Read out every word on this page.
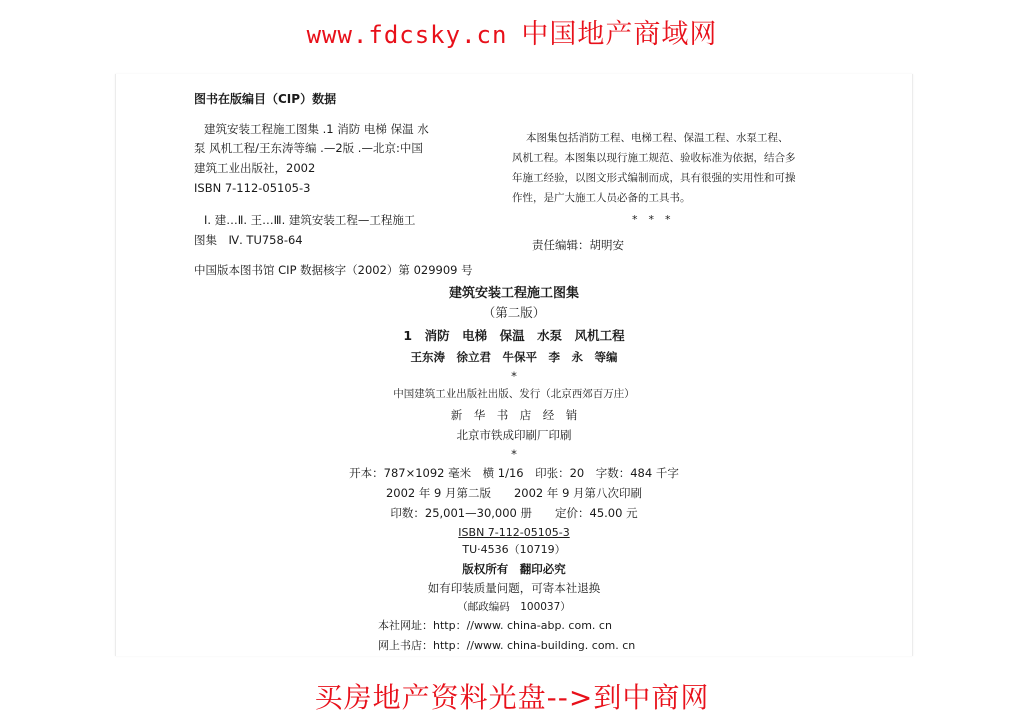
www.fdcsky.cn 中国地产商域网
图书在版编目（CIP）数据
建筑安装工程施工图集 .1 消防 电梯 保温 水
泵 风机工程/王东涛等编 .—2版 .—北京:中国
建筑工业出版社，2002
ISBN 7-112-05105-3
Ⅰ. 建…Ⅱ. 王…Ⅲ. 建筑安装工程—工程施工
图集　Ⅳ. TU758-64
中国版本图书馆 CIP 数据核字（2002）第 029909 号
本图集包括消防工程、电梯工程、保温工程、水泵工程、
风机工程。本图集以现行施工规范、验收标准为依据，结合多
年施工经验，以图文形式编制而成，具有很强的实用性和可操
作性，是广大施工人员必备的工具书。
*　*　*
责任编辑：胡明安
建筑安装工程施工图集
（第二版）
1　消防　电梯　保温　水泵　风机工程
王东涛　徐立君　牛保平　李　永　等编
*
中国建筑工业出版社出版、发行（北京西郊百万庄）
新　华　书　店　经　销
北京市铁成印刷厂印刷
*
开本：787×1092 毫米　横 1/16　印张：20　字数：484 千字
2002 年 9 月第二版　　2002 年 9 月第八次印刷
印数：25,001—30,000 册　　定价：45.00 元
ISBN 7-112-05105-3
TU·4536（10719）
版权所有　翻印必究
如有印装质量问题，可寄本社退换
（邮政编码　100037）
本社网址：http：//www. china-abp. com. cn
网上书店：http：//www. china-building. com. cn
买房地产资料光盘-->到中商网
